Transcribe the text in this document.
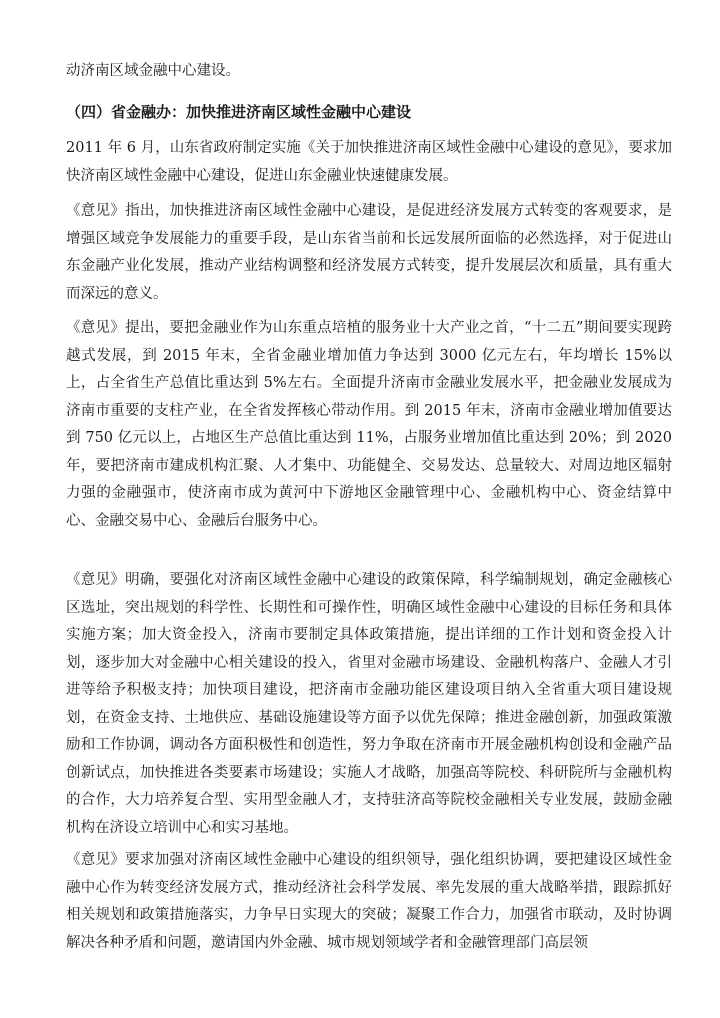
动济南区域金融中心建设。
（四）省金融办：加快推进济南区域性金融中心建设
2011 年 6 月，山东省政府制定实施《关于加快推进济南区域性金融中心建设的意见》，要求加快济南区域性金融中心建设，促进山东金融业快速健康发展。
《意见》指出，加快推进济南区域性金融中心建设，是促进经济发展方式转变的客观要求，是增强区域竞争发展能力的重要手段，是山东省当前和长远发展所面临的必然选择，对于促进山东金融产业化发展，推动产业结构调整和经济发展方式转变，提升发展层次和质量，具有重大而深远的意义。
《意见》提出，要把金融业作为山东重点培植的服务业十大产业之首，“十二五”期间要实现跨越式发展，到 2015 年末，全省金融业增加值力争达到 3000 亿元左右，年均增长 15%以上，占全省生产总值比重达到 5%左右。全面提升济南市金融业发展水平，把金融业发展成为济南市重要的支柱产业，在全省发挥核心带动作用。到 2015 年末，济南市金融业增加值要达到 750 亿元以上，占地区生产总值比重达到 11%，占服务业增加值比重达到 20%；到 2020 年，要把济南市建成机构汇聚、人才集中、功能健全、交易发达、总量较大、对周边地区辐射力强的金融强市，使济南市成为黄河中下游地区金融管理中心、金融机构中心、资金结算中心、金融交易中心、金融后台服务中心。
《意见》明确，要强化对济南区域性金融中心建设的政策保障，科学编制规划，确定金融核心区选址，突出规划的科学性、长期性和可操作性，明确区域性金融中心建设的目标任务和具体实施方案；加大资金投入，济南市要制定具体政策措施，提出详细的工作计划和资金投入计划，逐步加大对金融中心相关建设的投入，省里对金融市场建设、金融机构落户、金融人才引进等给予积极支持；加快项目建设，把济南市金融功能区建设项目纳入全省重大项目建设规划，在资金支持、土地供应、基础设施建设等方面予以优先保障；推进金融创新，加强政策激励和工作协调，调动各方面积极性和创造性，努力争取在济南市开展金融机构创设和金融产品创新试点，加快推进各类要素市场建设；实施人才战略，加强高等院校、科研院所与金融机构的合作，大力培养复合型、实用型金融人才，支持驻济高等院校金融相关专业发展，鼓励金融机构在济设立培训中心和实习基地。
《意见》要求加强对济南区域性金融中心建设的组织领导，强化组织协调，要把建设区域性金融中心作为转变经济发展方式，推动经济社会科学发展、率先发展的重大战略举措，跟踪抓好相关规划和政策措施落实，力争早日实现大的突破；凝聚工作合力，加强省市联动，及时协调解决各种矛盾和问题，邀请国内外金融、城市规划领域学者和金融管理部门高层领
